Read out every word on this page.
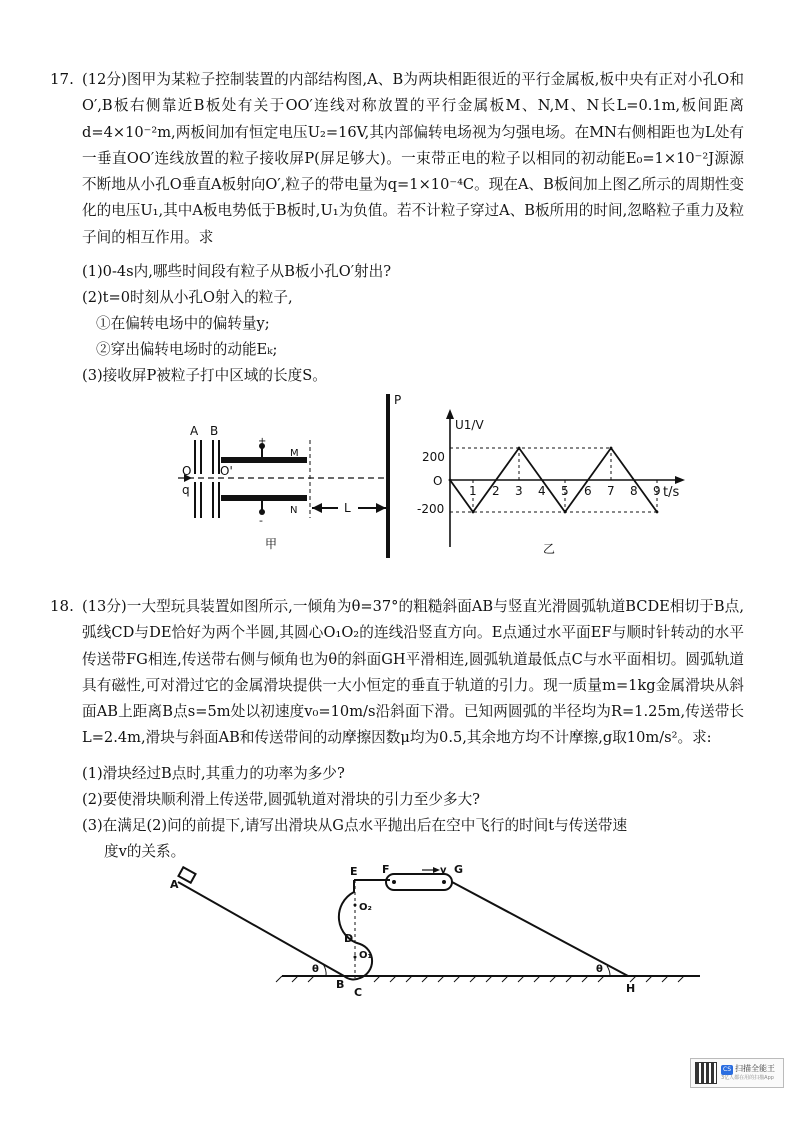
17. (12分)图甲为某粒子控制装置的内部结构图,A、B为两块相距很近的平行金属板,板中央有正对小孔O和O′,B板右侧靠近B板处有关于OO′连线对称放置的平行金属板M、N,M、N长L=0.1m,板间距离d=4×10⁻²m,两板间加有恒定电压U₂=16V,其内部偏转电场视为匀强电场。在MN右侧相距也为L处有一垂直OO′连线放置的粒子接收屏P(屏足够大)。一束带正电的粒子以相同的初动能E₀=1×10⁻²J源源不断地从小孔O垂直A板射向O′,粒子的带电量为q=1×10⁻⁴C。现在A、B板间加上图乙所示的周期性变化的电压U₁,其中A板电势低于B板时,U₁为负值。若不计粒子穿过A、B板所用的时间,忽略粒子重力及粒子间的相互作用。求

(1)0-4s内,哪些时间段有粒子从B板小孔O′射出?
(2)t=0时刻从小孔O射入的粒子,
①在偏转电场中的偏转量y;
②穿出偏转电场时的动能Eₖ;
(3)接收屏P被粒子打中区域的长度S。
A B
O O'
q
M
N	L
P
+
-
甲
U1/V
t/s
O
200
-200
乙
1 2 3 4 5 6 7 8 9
18. (13分)一大型玩具装置如图所示,一倾角为θ=37°的粗糙斜面AB与竖直光滑圆弧轨道BCDE相切于B点,弧线CD与DE恰好为两个半圆,其圆心O₁O₂的连线沿竖直方向。E点通过水平面EF与顺时针转动的水平传送带FG相连,传送带右侧与倾角也为θ的斜面GH平滑相连,圆弧轨道最低点C与水平面相切。圆弧轨道具有磁性,可对滑过它的金属滑块提供一大小恒定的垂直于轨道的引力。现一质量m=1kg金属滑块从斜面AB上距离B点s=5m处以初速度v₀=10m/s沿斜面下滑。已知两圆弧的半径均为R=1.25m,传送带长L=2.4m,滑块与斜面AB和传送带间的动摩擦因数μ均为0.5,其余地方均不计摩擦,g取10m/s²。求:

(1)滑块经过B点时,其重力的功率为多少?
(2)要使滑块顺利滑上传送带,圆弧轨道对滑块的引力至少多大?
(3)在满足(2)问的前提下,请写出滑块从G点水平抛出后在空中飞行的时间t与传送带速
度v的关系。
A
B
C
D
E F	G
H
O₁
O₂
θ	θ
v
CS 扫描全能王
3亿人都在用的扫描App
